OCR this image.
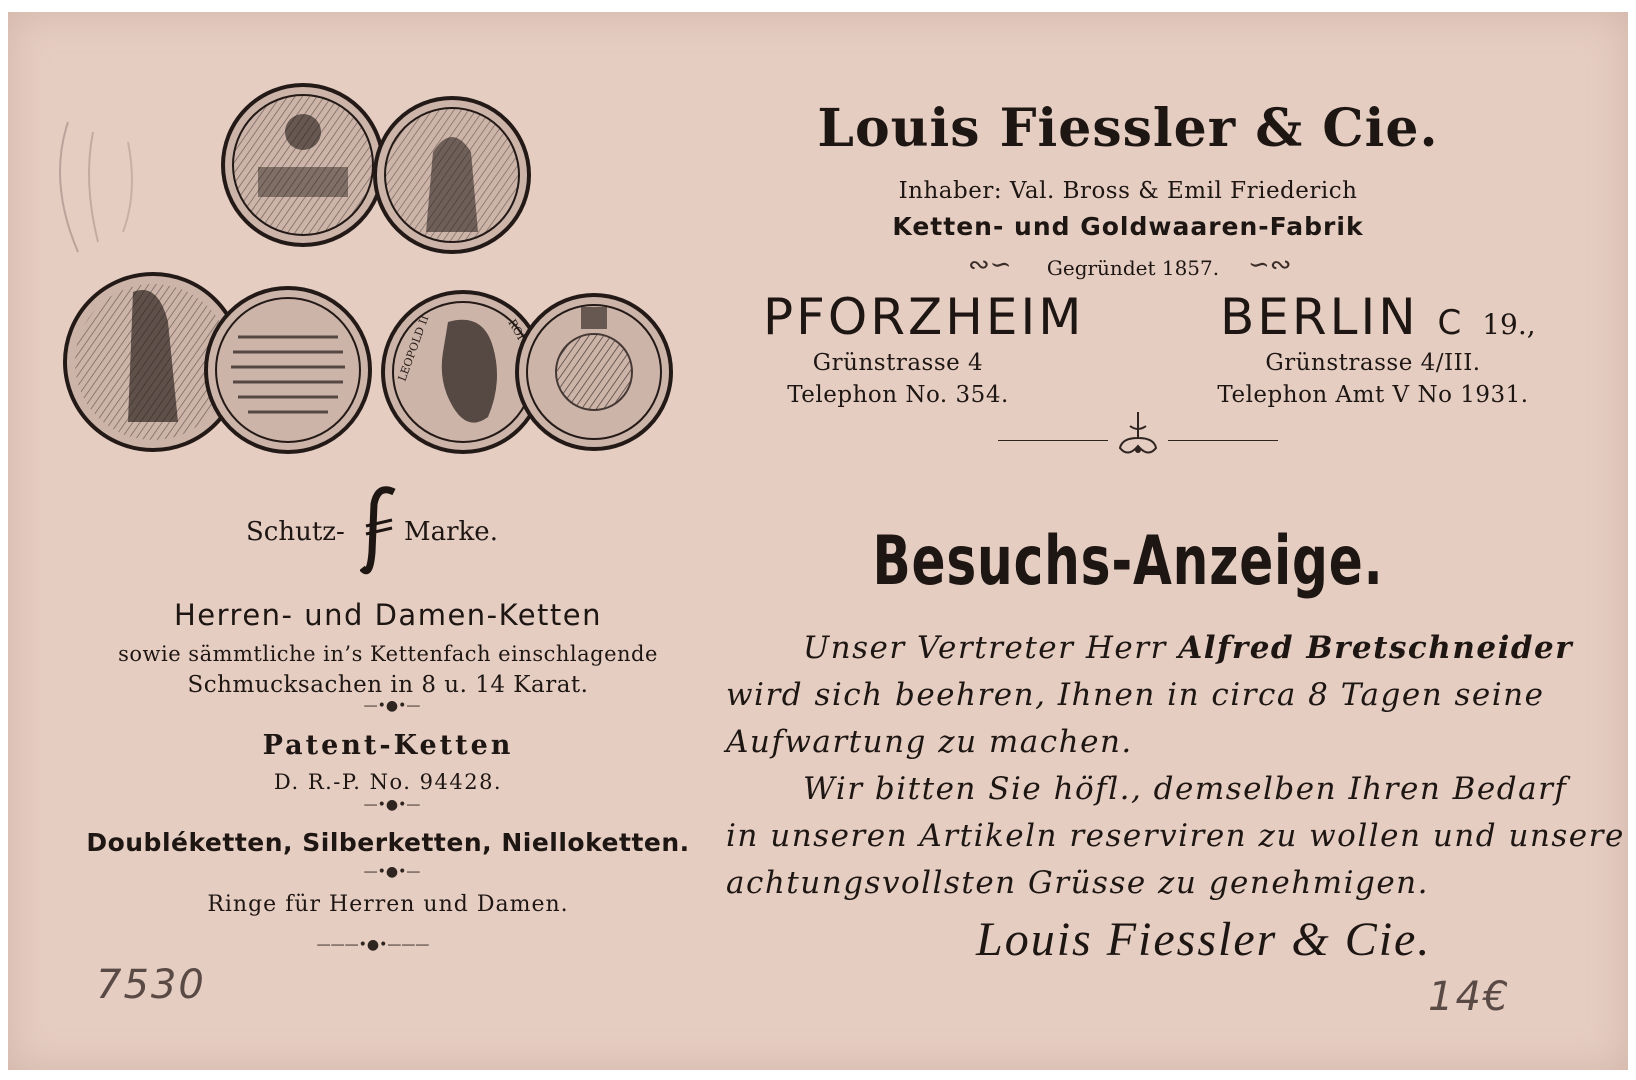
LEOPOLD II	ROI
Louis Fiessler & Cie.
Inhaber: Val. Bross & Emil Friederich
Ketten- und Goldwaaren-Fabrik
∾∽	Gegründet 1857.	∽∾
PFORZHEIM	BERLIN C 19.,
Grünstrasse 4
Telephon No. 354.
Grünstrasse 4/III.
Telephon Amt V No 1931.
Besuchs-Anzeige.
Unser Vertreter Herr Alfred Bretschneider
wird sich beehren, Ihnen in circa 8 Tagen seine
Aufwartung zu machen.
Wir bitten Sie höfl., demselben Ihren Bedarf
in unseren Artikeln reserviren zu wollen und unsere
achtungsvollsten Grüsse zu genehmigen.
Louis Fiessler & Cie.
Schutz- Marke.
Herren- und Damen-Ketten
sowie sämmtliche in’s Kettenfach einschlagende
Schmucksachen in 8 u. 14 Karat.
—•●•—
Patent-Ketten
D. R.-P. No. 94428.
—•●•—
Doubléketten, Silberketten, Nielloketten.
—•●•—
Ringe für Herren und Damen.
———•●•———
7530	14€
